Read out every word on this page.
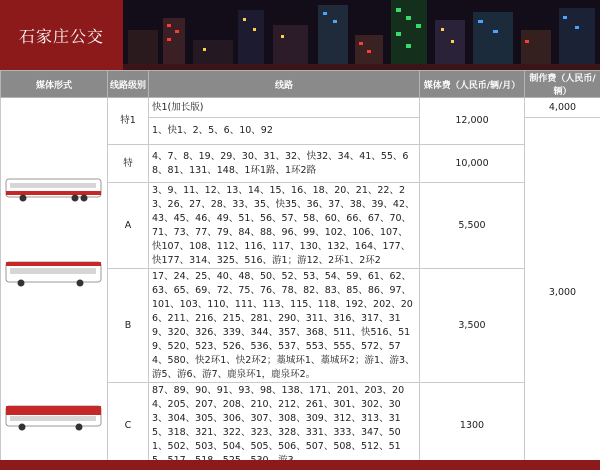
石家庄公交
媒体形式	线路级别	线路	媒体费（人民币/辆/月）	制作费（人民币/辆）

	特1	快1(加长版)	12,000	4,000
		1、快1、2、5、6、10、92		3,000
	特	4、7、8、19、29、30、31、32、快32、34、41、55、68、81、131、148、1环1路、1环2路	10,000	
	A	3、9、11、12、13、14、15、16、18、20、21、22、23、26、27、28、33、35、快35、36、37、38、39、42、43、45、46、49、51、56、57、58、60、66、67、70、71、73、77、79、84、88、96、99、102、106、107、快107、108、112、116、117、130、132、164、177、快177、314、325、516、游1；游12、2环1、2环2	5,500	
	B	17、24、25、40、48、50、52、53、54、59、61、62、63、65、69、72、75、76、78、82、83、85、86、97、101、103、110、111、113、115、118、192、202、206、211、216、215、281、290、311、316、317、319、320、326、339、344、357、368、511、快516、519、520、523、526、536、537、553、555、572、574、580、快2环1、快2环2；藁城环1、藁城环2；游1、游3、游5、游6、游7、鹿泉环1，鹿泉环2。	3,500	
	C	87、89、90、91、93、98、138、171、201、203、204、205、207、208、210、212、261、301、302、303、304、305、306、307、308、309、312、313、315、318、321、322、323、328、331、333、347、501、502、503、504、505、506、507、508、512、51	1300	
